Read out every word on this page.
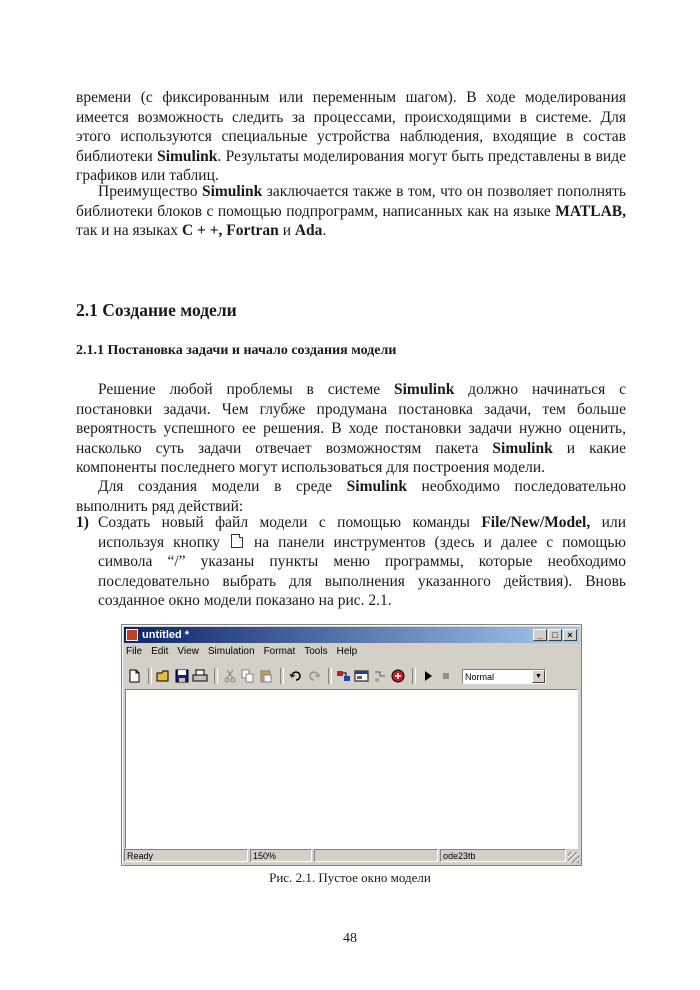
времени (с фиксированным или переменным шагом). В ходе моделирования имеется возможность следить за процессами, происходящими в системе. Для этого используются специальные устройства наблюдения, входящие в состав библиотеки Simulink. Результаты моделирования могут быть представлены в виде графиков или таблиц.

Преимущество Simulink заключается также в том, что он позволяет пополнять библиотеки блоков с помощью подпрограмм, написанных как на языке MATLAB, так и на языках C + +, Fortran и Ada.

2.1 Создание модели
2.1.1 Постановка задачи и начало создания модели

Решение любой проблемы в системе Simulink должно начинаться с постановки задачи. Чем глубже продумана постановка задачи, тем больше вероятность успешного ее решения. В ходе постановки задачи нужно оценить, насколько суть задачи отвечает возможностям пакета Simulink и какие компоненты последнего могут использоваться для построения модели.

Для создания модели в среде Simulink необходимо последовательно выполнить ряд действий:

1) Создать новый файл модели с помощью команды File/New/Model, или используя кнопку  на панели инструментов (здесь и далее с помощью символа “/” указаны пункты меню программы, которые необходимо последовательно выбрать для выполнения указанного действия). Вновь созданное окно модели показано на рис. 2.1.
untitled *	_	□	×
File Edit View Simulation Format Tools Help
Normal	▼
Ready	150%	ode23tb
Рис. 2.1. Пустое окно модели
48
